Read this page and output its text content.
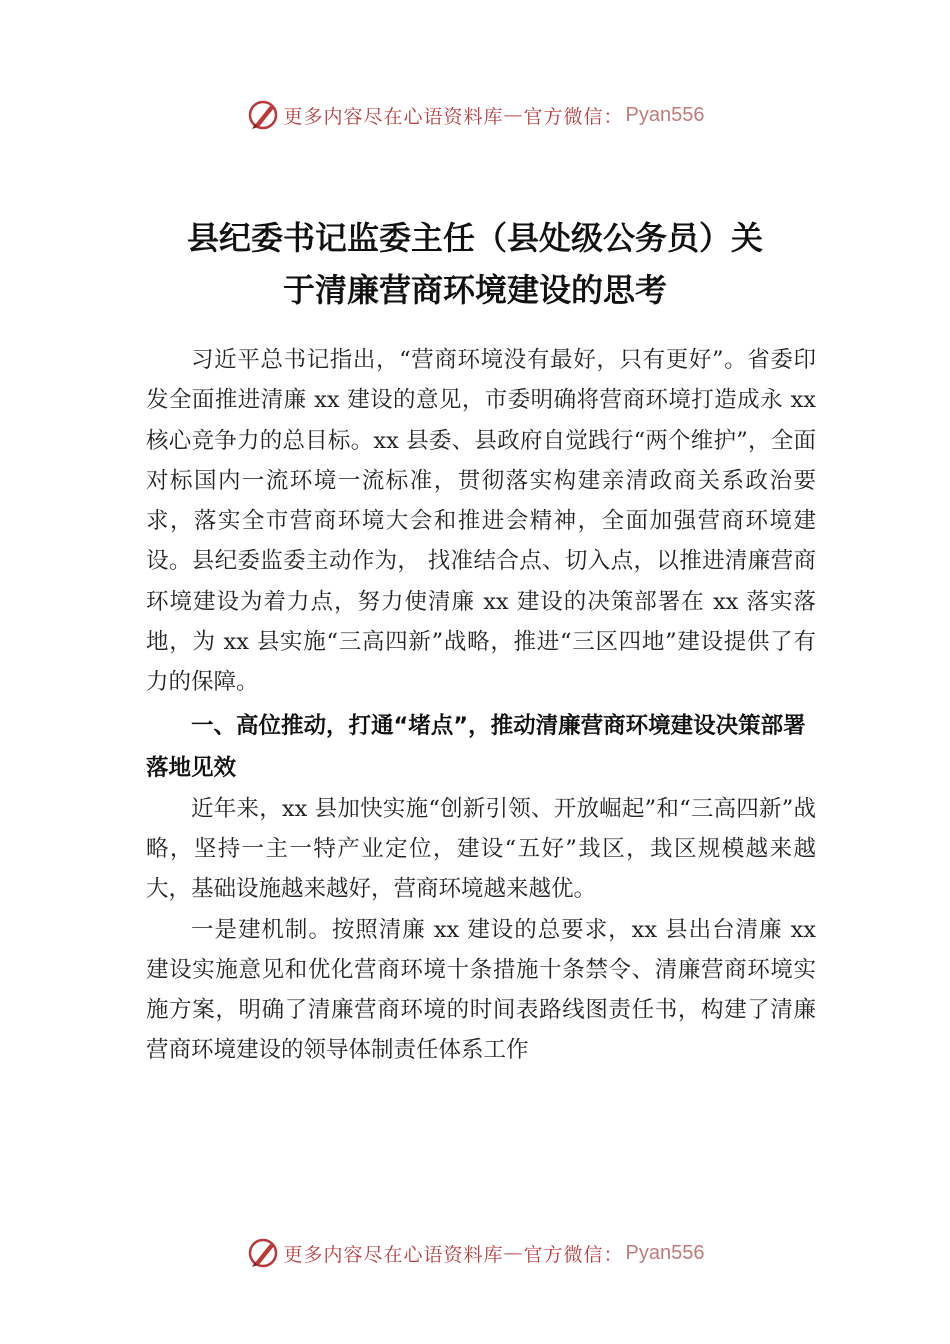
更多内容尽在心语资料库 — 官方微信： Pyan556
县纪委书记监委主任（县处级公务员）关
于清廉营商环境建设的思考

习近平总书记指出，“营商环境没有最好，只有更好”。省委印发全面推进清廉 xx 建设的意见，市委明确将营商环境打造成永 xx 核心竞争力的总目标。xx 县委、县政府自觉践行“两个维护”，全面对标国内一流环境一流标准，贯彻落实构建亲清政商关系政治要求，落实全市营商环境大会和推进会精神，全面加强营商环境建设。县纪委监委主动作为， 找准结合点、切入点，以推进清廉营商环境建设为着力点，努力使清廉 xx 建设的决策部署在 xx 落实落地，为 xx 县实施“三高四新”战略，推进“三区四地”建设提供了有力的保障。

一、高位推动，打通“堵点”，推动清廉营商环境建设决策部署落地见效

近年来，xx 县加快实施“创新引领、开放崛起”和“三高四新”战略，坚持一主一特产业定位，建设“五好”㘽区，㘽区规模越来越大，基础设施越来越好，营商环境越来越优。

一是建机制。按照清廉 xx 建设的总要求，xx 县出台清廉 xx 建设实施意见和优化营商环境十条措施十条禁令、清廉营商环境实施方案，明确了清廉营商环境的时间表路线图责任书，构建了清廉营商环境建设的领导体制责任体系工作

更多内容尽在心语资料库 — 官方微信： Pyan556
